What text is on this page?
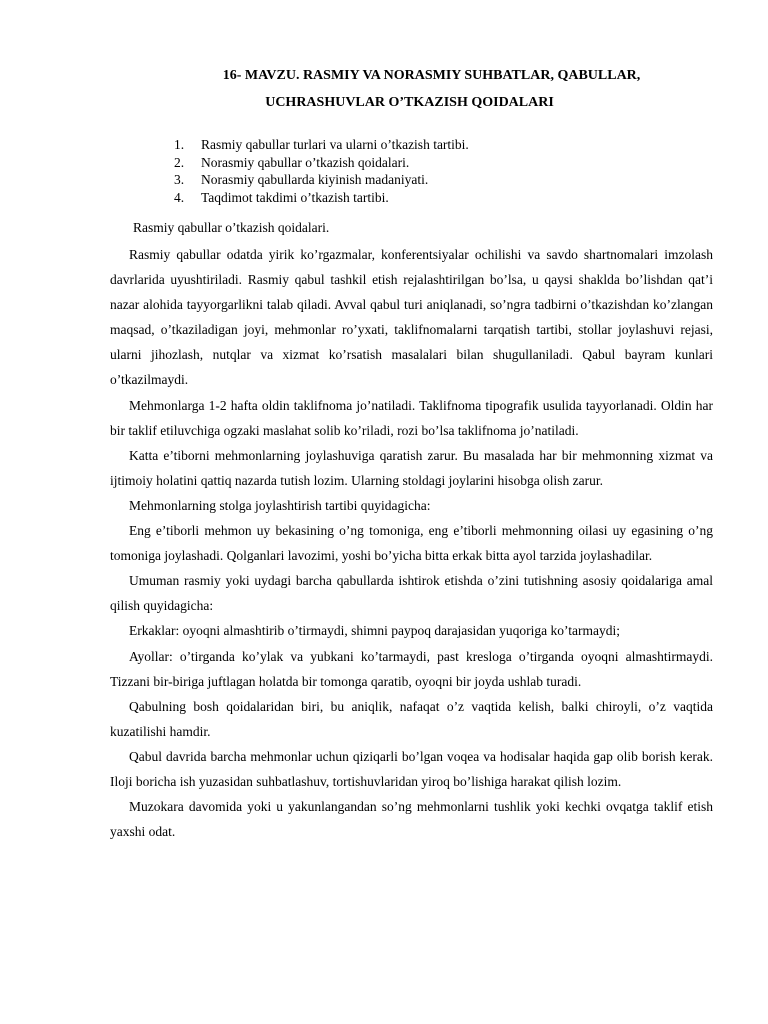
16- MAVZU. RASMIY VA NORASMIY SUHBATLAR, QABULLAR,
UCHRASHUVLAR O’TKAZISH QOIDALARI
1.	Rasmiy qabullar turlari va ularni o’tkazish tartibi.
2.	Norasmiy qabullar o’tkazish qoidalari.
3.	Norasmiy qabullarda kiyinish madaniyati.
4.	Taqdimot takdimi o’tkazish tartibi.

Rasmiy qabullar o’tkazish qoidalari.

Rasmiy qabullar odatda yirik ko’rgazmalar, konferentsiyalar ochilishi va savdo shartnomalari imzolash davrlarida uyushtiriladi. Rasmiy qabul tashkil etish rejalashtirilgan bo’lsa, u qaysi shaklda bo’lishdan qat’i nazar alohida tayyorgarlikni talab qiladi. Avval qabul turi aniqlanadi, so’ngra tadbirni o’tkazishdan ko’zlangan maqsad, o’tkaziladigan joyi, mehmonlar ro’yxati, taklifnomalarni tarqatish tartibi, stollar joylashuvi rejasi, ularni jihozlash, nutqlar va xizmat ko’rsatish masalalari bilan shugullaniladi. Qabul bayram kunlari o’tkazilmaydi.

Mehmonlarga 1-2 hafta oldin taklifnoma jo’natiladi. Taklifnoma tipografik usulida tayyorlanadi. Oldin har bir taklif etiluvchiga ogzaki maslahat solib ko’riladi, rozi bo’lsa taklifnoma jo’natiladi.

Katta e’tiborni mehmonlarning joylashuviga qaratish zarur. Bu masalada har bir mehmonning xizmat va ijtimoiy holatini qattiq nazarda tutish lozim. Ularning stoldagi joylarini hisobga olish zarur.

Mehmonlarning stolga joylashtirish tartibi quyidagicha:

Eng e’tiborli mehmon uy bekasining o’ng tomoniga, eng e’tiborli mehmonning oilasi uy egasining o’ng tomoniga joylashadi. Qolganlari lavozimi, yoshi bo’yicha bitta erkak bitta ayol tarzida joylashadilar.

Umuman rasmiy yoki uydagi barcha qabullarda ishtirok etishda o’zini tutishning asosiy qoidalariga amal qilish quyidagicha:

Erkaklar: oyoqni almashtirib o’tirmaydi, shimni paypoq darajasidan yuqoriga ko’tarmaydi;

Ayollar: o’tirganda ko’ylak va yubkani ko’tarmaydi, past kresloga o’tirganda oyoqni almashtirmaydi. Tizzani bir-biriga juftlagan holatda bir tomonga qaratib, oyoqni bir joyda ushlab turadi.

Qabulning bosh qoidalaridan biri, bu aniqlik, nafaqat o’z vaqtida kelish, balki chiroyli, o’z vaqtida kuzatilishi hamdir.

Qabul davrida barcha mehmonlar uchun qiziqarli bo’lgan voqea va hodisalar haqida gap olib borish kerak. Iloji boricha ish yuzasidan suhbatlashuv, tortishuvlaridan yiroq bo’lishiga harakat qilish lozim.

Muzokara davomida yoki u yakunlangandan so’ng mehmonlarni tushlik yoki kechki ovqatga taklif etish yaxshi odat.
